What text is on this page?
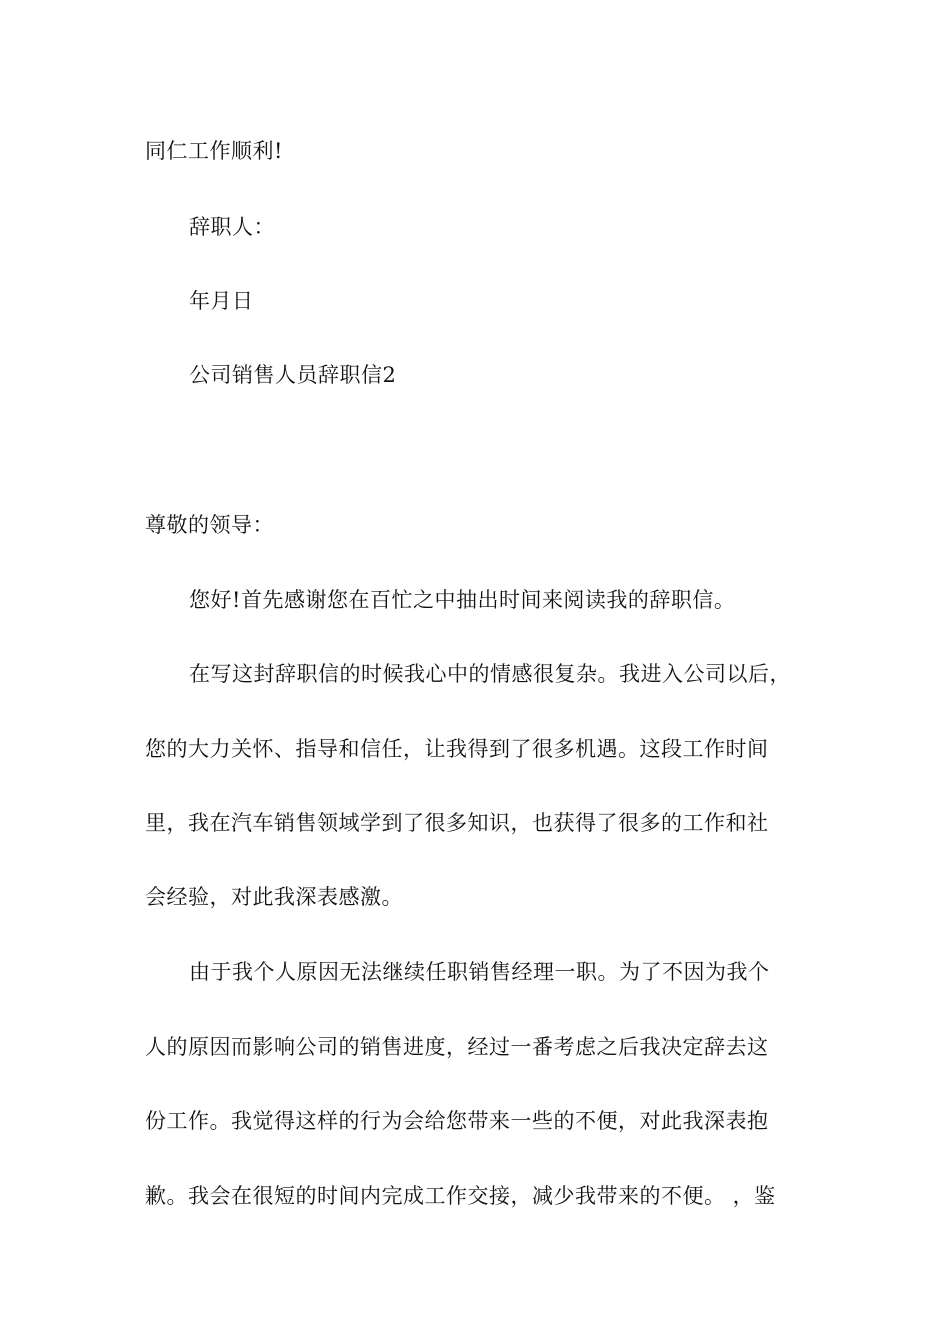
同仁工作顺利!
辞职人：
年月日
公司销售人员辞职信2
尊敬的领导：
您好!首先感谢您在百忙之中抽出时间来阅读我的辞职信。
在写这封辞职信的时候我心中的情感很复杂。我进入公司以后，
您的大力关怀、指导和信任，让我得到了很多机遇。这段工作时间
里，我在汽车销售领域学到了很多知识，也获得了很多的工作和社
会经验，对此我深表感激。
由于我个人原因无法继续任职销售经理一职。为了不因为我个
人的原因而影响公司的销售进度，经过一番考虑之后我决定辞去这
份工作。我觉得这样的行为会给您带来一些的不便，对此我深表抱
歉。我会在很短的时间内完成工作交接，减少我带来的不便。 ，鉴
